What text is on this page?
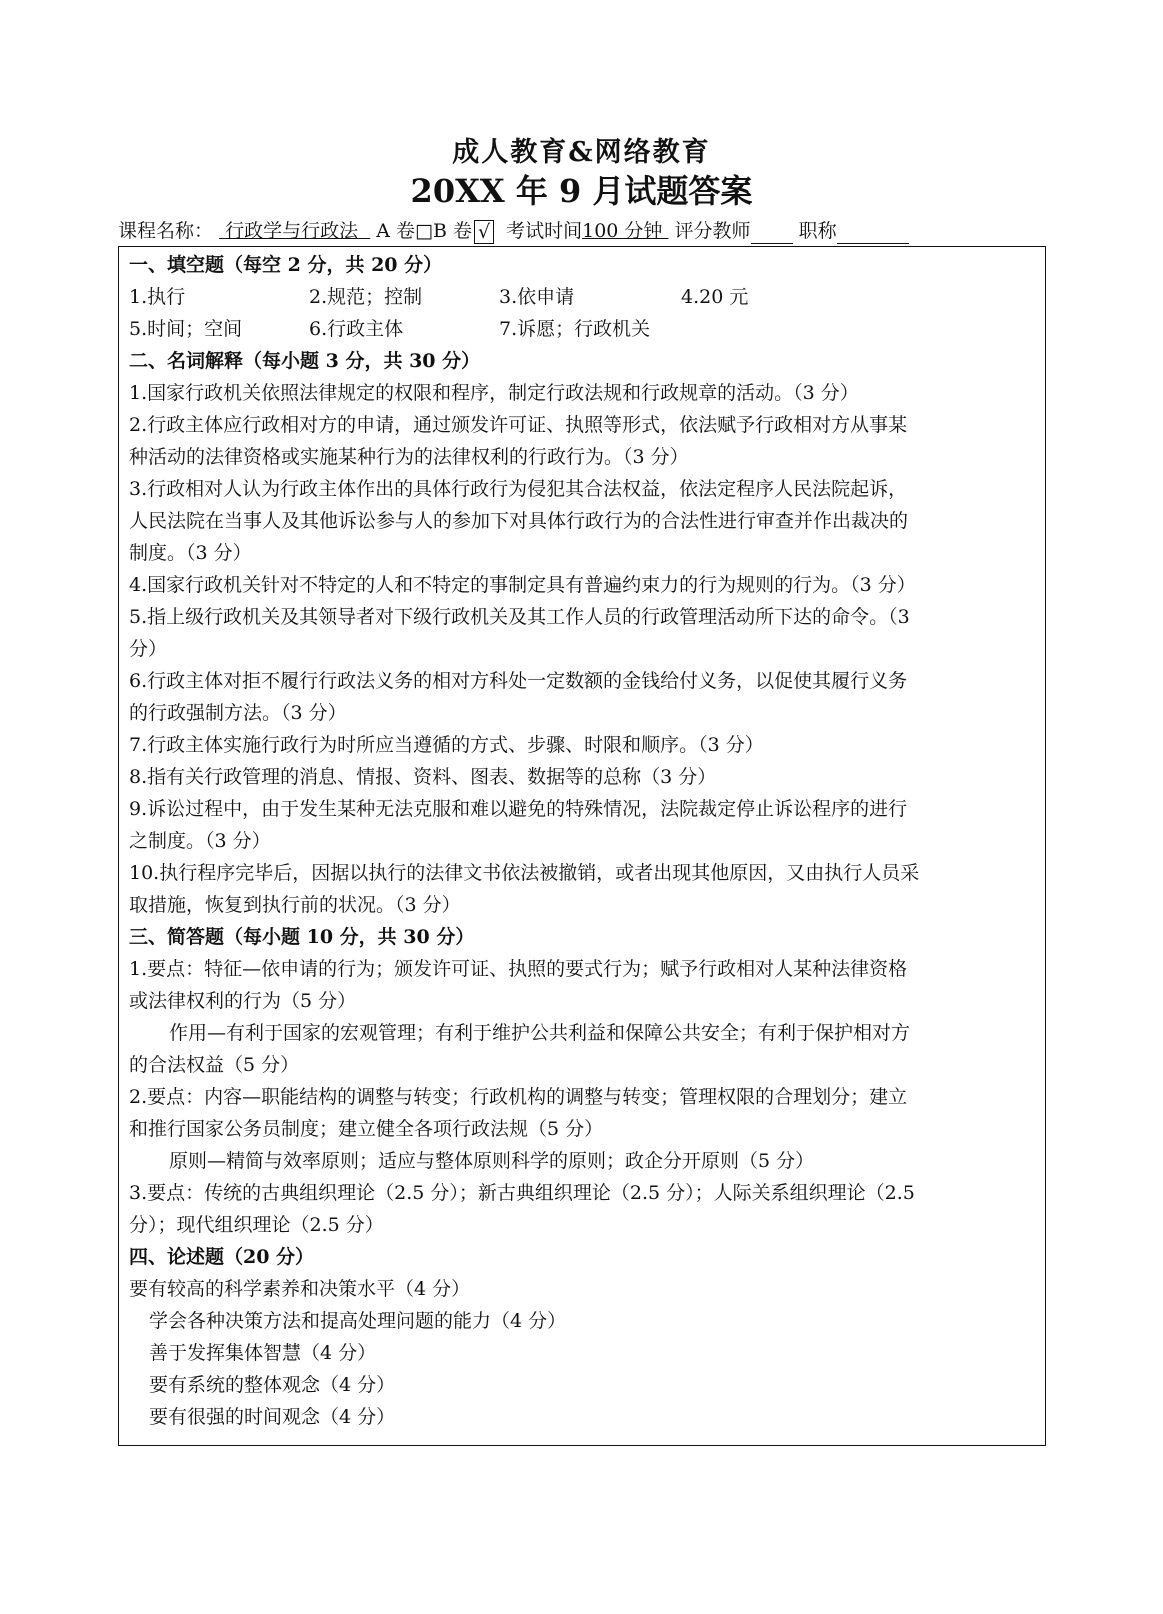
成人教育&网络教育
20XX 年 9 月试题答案
课程名称： 行政学与行政法 A 卷□B 卷 √ 考试时间100 分钟 评分教师	职称
一、填空题（每空 2 分，共 20 分）
1.执行	2.规范；控制	3.依申请	4.20 元
5.时间；空间	6.行政主体	7.诉愿；行政机关
二、名词解释（每小题 3 分，共 30 分）
1.国家行政机关依照法律规定的权限和程序，制定行政法规和行政规章的活动。（3 分）
2.行政主体应行政相对方的申请，通过颁发许可证、执照等形式，依法赋予行政相对方从事某
种活动的法律资格或实施某种行为的法律权利的行政行为。（3 分）
3.行政相对人认为行政主体作出的具体行政行为侵犯其合法权益，依法定程序人民法院起诉，
人民法院在当事人及其他诉讼参与人的参加下对具体行政行为的合法性进行审查并作出裁决的
制度。（3 分）
4.国家行政机关针对不特定的人和不特定的事制定具有普遍约束力的行为规则的行为。（3 分）
5.指上级行政机关及其领导者对下级行政机关及其工作人员的行政管理活动所下达的命令。（3
分）
6.行政主体对拒不履行行政法义务的相对方科处一定数额的金钱给付义务，以促使其履行义务
的行政强制方法。（3 分）
7.行政主体实施行政行为时所应当遵循的方式、步骤、时限和顺序。（3 分）
8.指有关行政管理的消息、情报、资料、图表、数据等的总称（3 分）
9.诉讼过程中，由于发生某种无法克服和难以避免的特殊情况，法院裁定停止诉讼程序的进行
之制度。（3 分）
10.执行程序完毕后，因据以执行的法律文书依法被撤销，或者出现其他原因，又由执行人员采
取措施，恢复到执行前的状况。（3 分）
三、简答题（每小题 10 分，共 30 分）
1.要点：特征—依申请的行为；颁发许可证、执照的要式行为；赋予行政相对人某种法律资格
或法律权利的行为（5 分）
作用—有利于国家的宏观管理；有利于维护公共利益和保障公共安全；有利于保护相对方
的合法权益（5 分）
2.要点：内容—职能结构的调整与转变；行政机构的调整与转变；管理权限的合理划分；建立
和推行国家公务员制度；建立健全各项行政法规（5 分）
原则—精简与效率原则；适应与整体原则科学的原则；政企分开原则（5 分）
3.要点：传统的古典组织理论（2.5 分）；新古典组织理论（2.5 分）；人际关系组织理论（2.5
分）；现代组织理论（2.5 分）
四、论述题（20 分）
要有较高的科学素养和决策水平（4 分）
学会各种决策方法和提高处理问题的能力（4 分）
善于发挥集体智慧（4 分）
要有系统的整体观念（4 分）
要有很强的时间观念（4 分）
